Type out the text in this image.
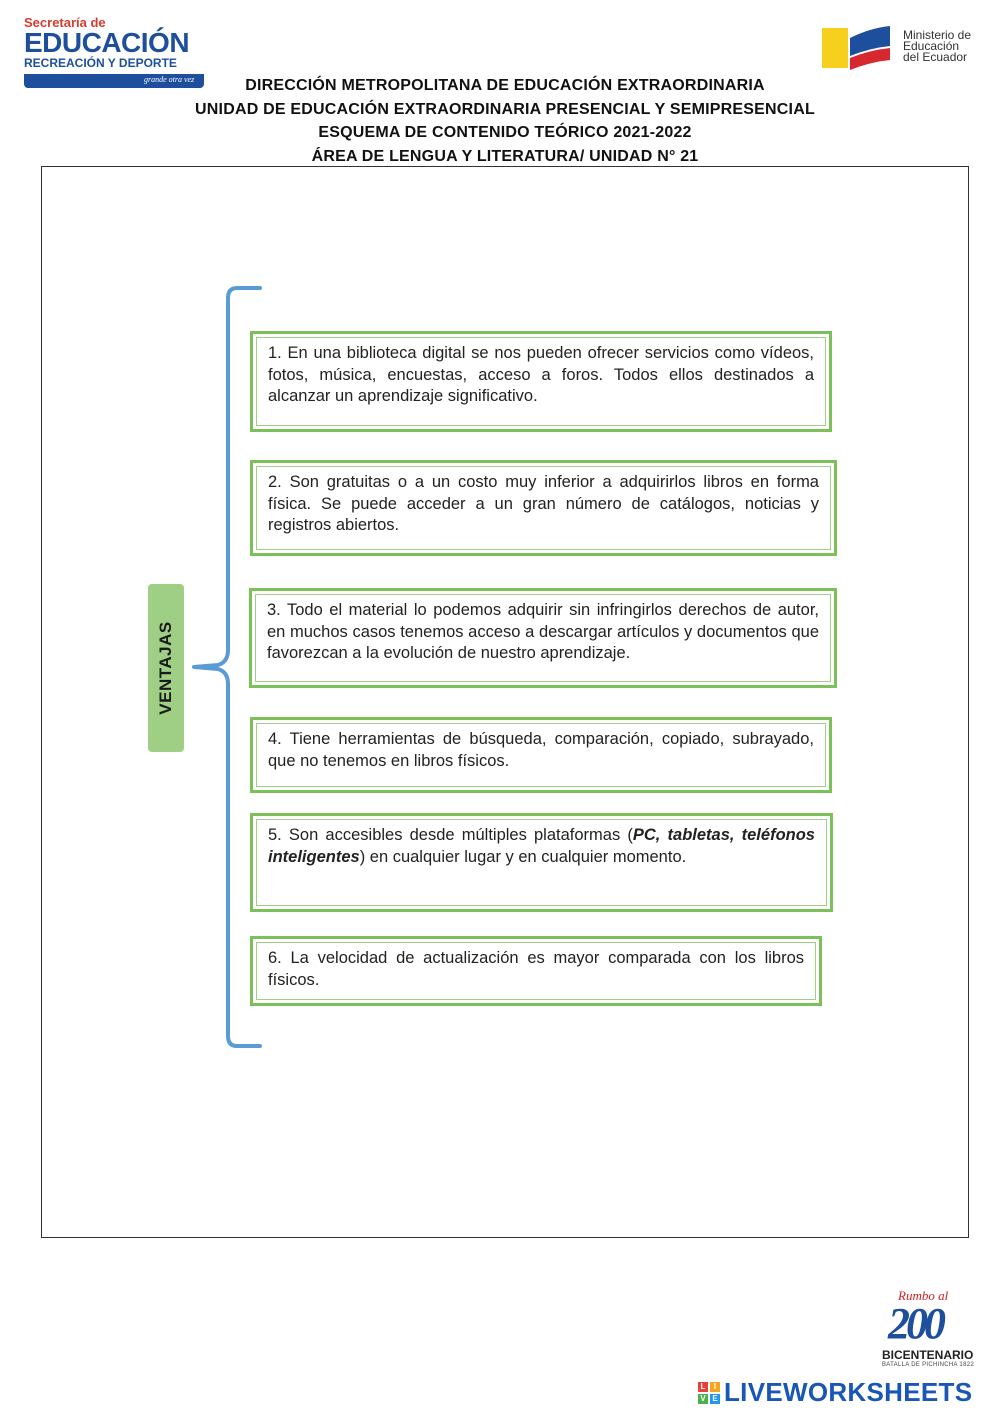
Secretaría de
EDUCACIÓN
RECREACIÓN Y DEPORTE
grande otra vez
Ministerio de
Educación
del Ecuador
DIRECCIÓN METROPOLITANA DE EDUCACIÓN EXTRAORDINARIA
UNIDAD DE EDUCACIÓN EXTRAORDINARIA PRESENCIAL Y SEMIPRESENCIAL
ESQUEMA DE CONTENIDO TEÓRICO 2021-2022
ÁREA DE LENGUA Y LITERATURA/ UNIDAD N° 21
VENTAJAS
1. En una biblioteca digital se nos pueden ofrecer servicios como vídeos, fotos, música, encuestas, acceso a foros. Todos ellos destinados a alcanzar un aprendizaje significativo.
2. Son gratuitas o a un costo muy inferior a adquirirlos libros en forma física. Se puede acceder a un gran número de catálogos, noticias y registros abiertos.
3. Todo el material lo podemos adquirir sin infringirlos derechos de autor, en muchos casos tenemos acceso a descargar artículos y documentos que favorezcan a la evolución de nuestro aprendizaje.
4. Tiene herramientas de búsqueda, comparación, copiado, subrayado, que no tenemos en libros físicos.
5. Son accesibles desde múltiples plataformas (PC, tabletas, teléfonos inteligentes) en cualquier lugar y en cualquier momento.
6. La velocidad de actualización es mayor comparada con los libros físicos.
Rumbo al
200
BICENTENARIO
BATALLA DE PICHINCHA 1822
L	I
V E LIVEWORKSHEETS
